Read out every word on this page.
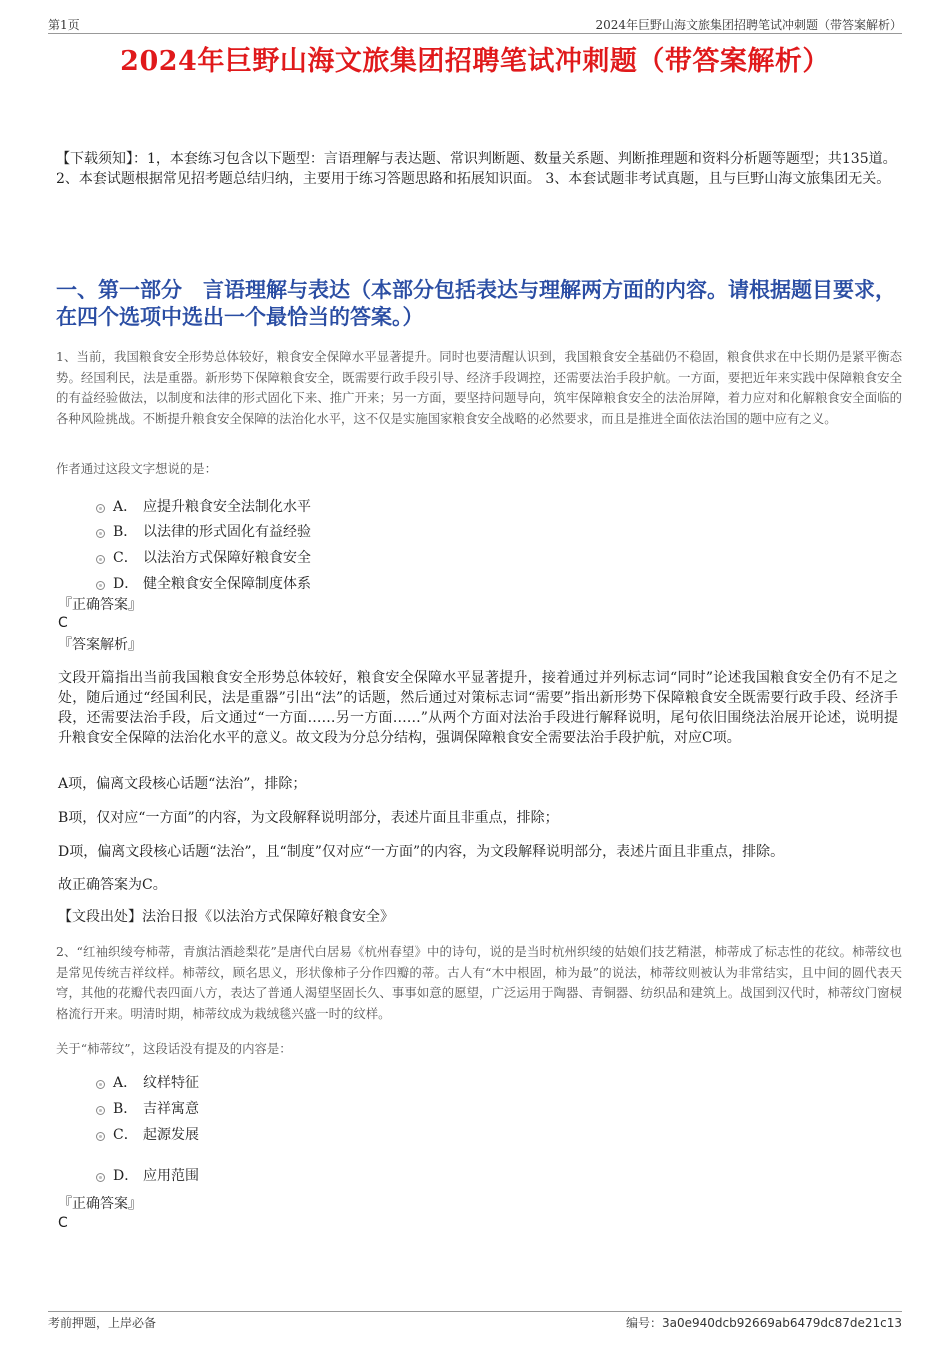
第1页	2024年巨野山海文旅集团招聘笔试冲刺题（带答案解析）
2024年巨野山海文旅集团招聘笔试冲刺题（带答案解析）

【下载须知】：1，本套练习包含以下题型：言语理解与表达题、常识判断题、数量关系题、判断推理题和资料分析题等题型；共135道。 2、本套试题根据常见招考题总结归纳，主要用于练习答题思路和拓展知识面。 3、本套试题非考试真题，且与巨野山海文旅集团无关。

一、第一部分　言语理解与表达（本部分包括表达与理解两方面的内容。请根据题目要求，在四个选项中选出一个最恰当的答案。）

1、当前，我国粮食安全形势总体较好，粮食安全保障水平显著提升。同时也要清醒认识到，我国粮食安全基础仍不稳固，粮食供求在中长期仍是紧平衡态势。经国利民，法是重器。新形势下保障粮食安全，既需要行政手段引导、经济手段调控，还需要法治手段护航。一方面，要把近年来实践中保障粮食安全的有益经验做法，以制度和法律的形式固化下来、推广开来；另一方面，要坚持问题导向，筑牢保障粮食安全的法治屏障，着力应对和化解粮食安全面临的各种风险挑战。不断提升粮食安全保障的法治化水平，这不仅是实施国家粮食安全战略的必然要求，而且是推进全面依法治国的题中应有之义。

作者通过这段文字想说的是：

A． 应提升粮食安全法制化水平
B． 以法律的形式固化有益经验
C． 以法治方式保障好粮食安全
D． 健全粮食安全保障制度体系
『正确答案』
C
『答案解析』

文段开篇指出当前我国粮食安全形势总体较好，粮食安全保障水平显著提升，接着通过并列标志词“同时”论述我国粮食安全仍有不足之处，随后通过“经国利民，法是重器”引出“法”的话题，然后通过对策标志词“需要”指出新形势下保障粮食安全既需要行政手段、经济手段，还需要法治手段，后文通过“一方面……另一方面……”从两个方面对法治手段进行解释说明，尾句依旧围绕法治展开论述，说明提升粮食安全保障的法治化水平的意义。故文段为分总分结构，强调保障粮食安全需要法治手段护航，对应C项。

A项，偏离文段核心话题“法治”，排除；

B项，仅对应“一方面”的内容，为文段解释说明部分，表述片面且非重点，排除；

D项，偏离文段核心话题“法治”，且“制度”仅对应“一方面”的内容，为文段解释说明部分，表述片面且非重点，排除。

故正确答案为C。

【文段出处】法治日报《以法治方式保障好粮食安全》

2、“红袖织绫夸柿蒂，青旗沽酒趁梨花”是唐代白居易《杭州春望》中的诗句，说的是当时杭州织绫的姑娘们技艺精湛，柿蒂成了标志性的花纹。柿蒂纹也是常见传统吉祥纹样。柿蒂纹，顾名思义，形状像柿子分作四瓣的蒂。古人有“木中根固，柿为最”的说法，柿蒂纹则被认为非常结实，且中间的圆代表天穹，其他的花瓣代表四面八方，表达了普通人渴望坚固长久、事事如意的愿望，广泛运用于陶器、青铜器、纺织品和建筑上。战国到汉代时，柿蒂纹门窗棂格流行开来。明清时期，柿蒂纹成为栽绒毯兴盛一时的纹样。

关于“柿蒂纹”，这段话没有提及的内容是：

A． 纹样特征
B． 吉祥寓意
C． 起源发展
D． 应用范围
『正确答案』
C
考前押题，上岸必备	编号：3a0e940dcb92669ab6479dc87de21c13
